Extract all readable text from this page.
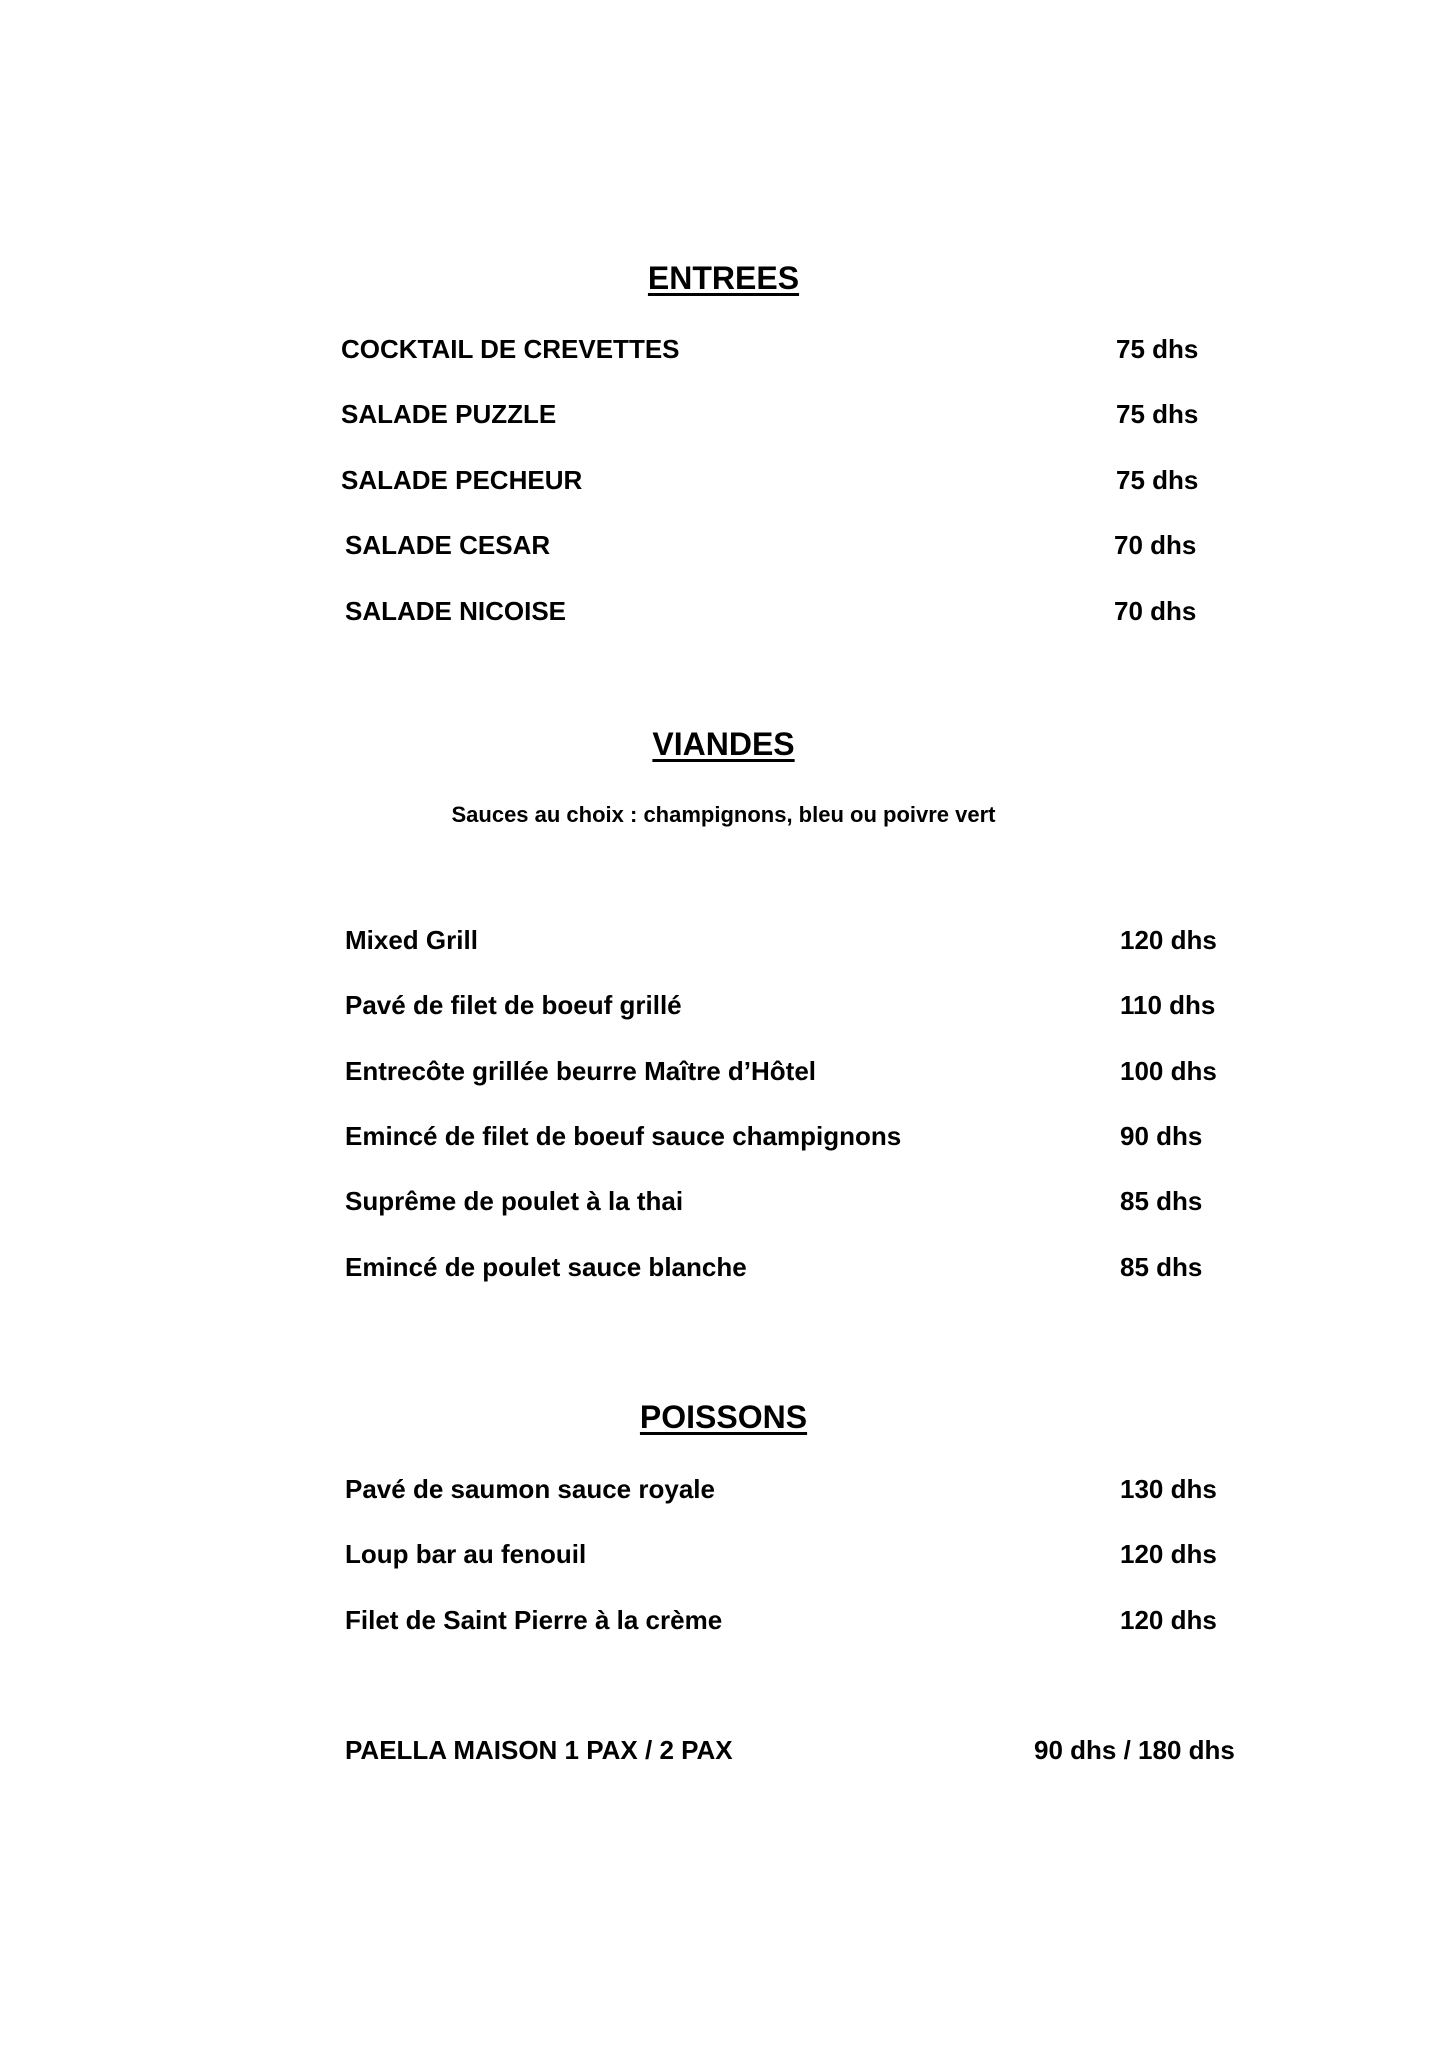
ENTREES
COCKTAIL DE CREVETTES	75 dhs
SALADE PUZZLE	75 dhs
SALADE PECHEUR	75 dhs
SALADE CESAR	70 dhs
SALADE NICOISE	70 dhs
VIANDES
Sauces au choix : champignons, bleu ou poivre vert
Mixed Grill	120 dhs
Pavé de filet de boeuf grillé	110 dhs
Entrecôte grillée beurre Maître d’Hôtel	100 dhs
Emincé de filet de boeuf sauce champignons	90 dhs
Suprême de poulet à la thai	85 dhs
Emincé de poulet sauce blanche	85 dhs
POISSONS
Pavé de saumon sauce royale	130 dhs
Loup bar au fenouil	120 dhs
Filet de Saint Pierre à la crème	120 dhs
PAELLA MAISON 1 PAX / 2 PAX	90 dhs / 180 dhs
